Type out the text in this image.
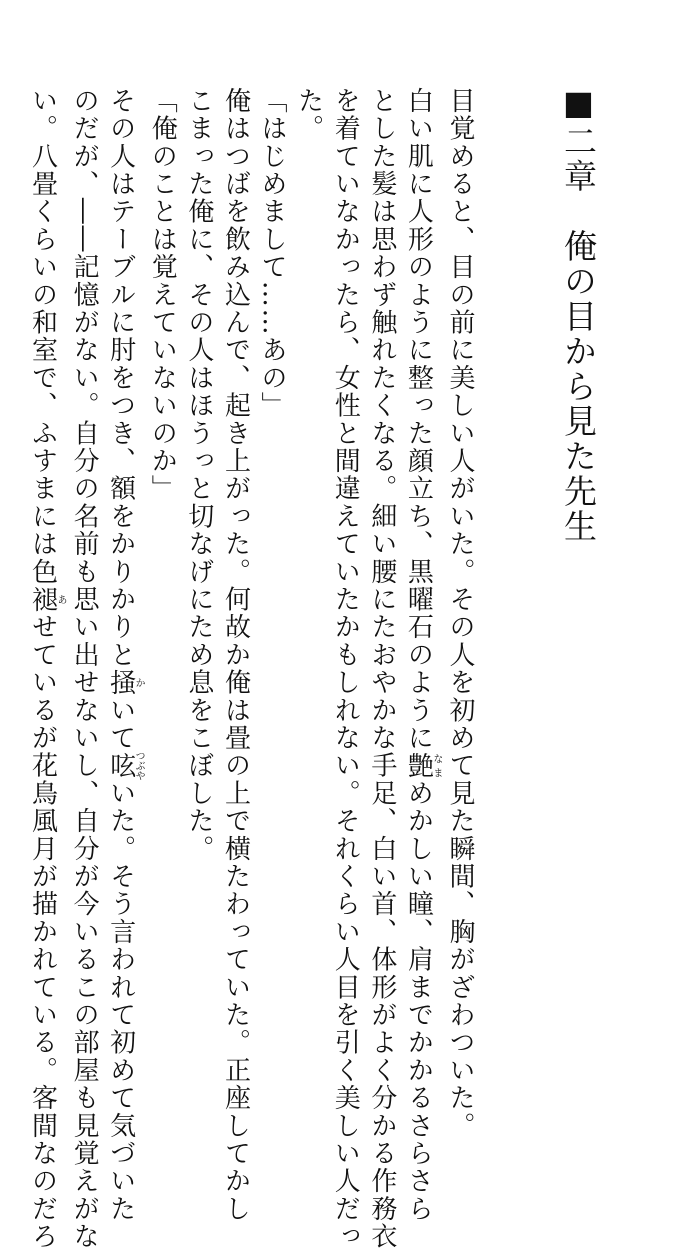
■二章　俺の目から見た先生

目覚めると、目の前に美しい人がいた。その人を初めて見た瞬間、胸がざわついた。

白い肌に人形のように整った顔立ち、黒曜石のように艶なまめかしい瞳、肩までかかるさらさら

とした髪は思わず触れたくなる。細い腰にたおやかな手足、白い首、体形がよく分かる作務衣

を着ていなかったら、女性と間違えていたかもしれない。それくらい人目を引く美しい人だっ

た。

「はじめまして……あの」

俺はつばを飲み込んで、起き上がった。何故か俺は畳の上で横たわっていた。正座してかし

こまった俺に、その人はほうっと切なげにため息をこぼした。

「俺のことは覚えていないのか」

その人はテーブルに肘をつき、額をかりかりと掻かいて呟つぶやいた。そう言われて初めて気づいた

のだが、――記憶がない。自分の名前も思い出せないし、自分が今いるこの部屋も見覚えがな

い。八畳くらいの和室で、ふすまには色褪あせているが花鳥風月が描かれている。客間なのだろ
